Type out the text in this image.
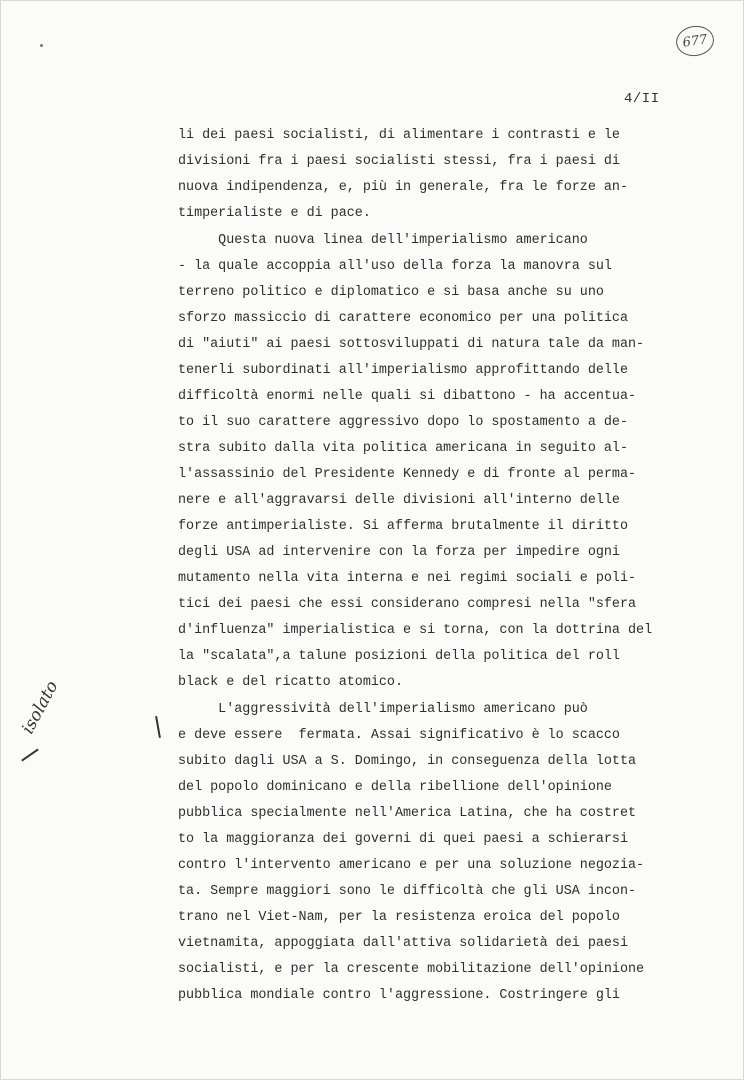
677
4/II
isolato
li dei paesi socialisti, di alimentare i contrasti e le
divisioni fra i paesi socialisti stessi, fra i paesi di
nuova indipendenza, e, più in generale, fra le forze an-
timperialiste e di pace.
Questa nuova linea dell'imperialismo americano
- la quale accoppia all'uso della forza la manovra sul
terreno politico e diplomatico e si basa anche su uno
sforzo massiccio di carattere economico per una politica
di "aiuti" ai paesi sottosviluppati di natura tale da man-
tenerli subordinati all'imperialismo approfittando delle
difficoltà enormi nelle quali si dibattono - ha accentua-
to il suo carattere aggressivo dopo lo spostamento a de-
stra subito dalla vita politica americana in seguito al-
l'assassinio del Presidente Kennedy e di fronte al perma-
nere e all'aggravarsi delle divisioni all'interno delle
forze antimperialiste. Si afferma brutalmente il diritto
degli USA ad intervenire con la forza per impedire ogni
mutamento nella vita interna e nei regimi sociali e poli-
tici dei paesi che essi considerano compresi nella "sfera
d'influenza" imperialistica e si torna, con la dottrina del
la "scalata",a talune posizioni della politica del roll
black e del ricatto atomico.
L'aggressività dell'imperialismo americano può
e deve essere  fermata. Assai significativo è lo scacco
subito dagli USA a S. Domingo, in conseguenza della lotta
del popolo dominicano e della ribellione dell'opinione
pubblica specialmente nell'America Latina, che ha costret
to la maggioranza dei governi di quei paesi a schierarsi
contro l'intervento americano e per una soluzione negozia-
ta. Sempre maggiori sono le difficoltà che gli USA incon-
trano nel Viet-Nam, per la resistenza eroica del popolo
vietnamita, appoggiata dall'attiva solidarietà dei paesi
socialisti, e per la crescente mobilitazione dell'opinione
pubblica mondiale contro l'aggressione. Costringere gli
